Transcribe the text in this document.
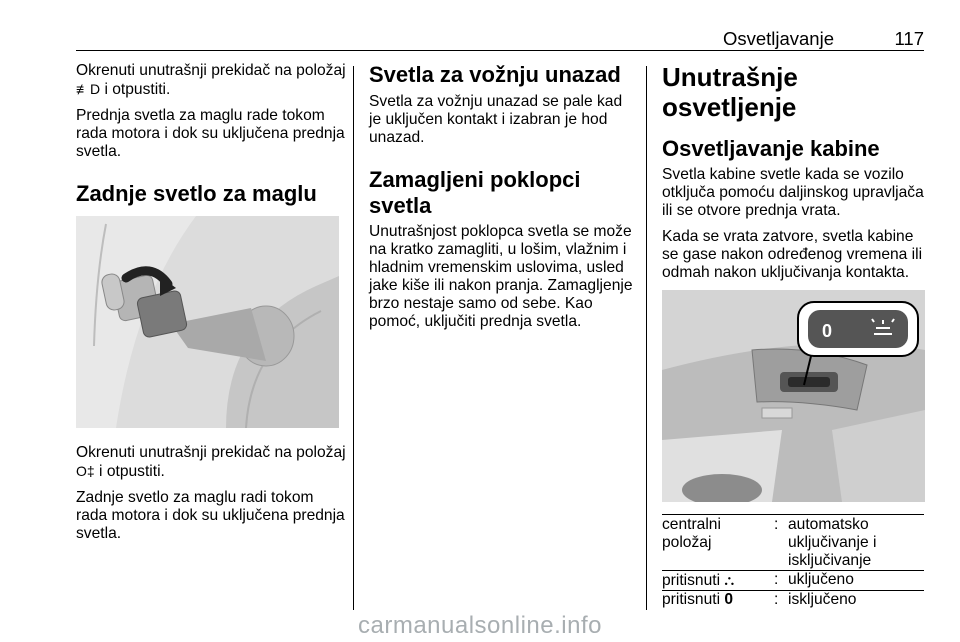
Osvetljavanje	117

Okrenuti unutrašnji prekidač na položaj ≢D i otpustiti.

Prednja svetla za maglu rade tokom rada motora i dok su uključena prednja svetla.

Zadnje svetlo za maglu

Okrenuti unutrašnji prekidač na položaj O‡ i otpustiti.

Zadnje svetlo za maglu radi tokom rada motora i dok su uključena prednja svetla.

Svetla za vožnju unazad

Svetla za vožnju unazad se pale kad je uključen kontakt i izabran je hod unazad.

Zamagljeni poklopci svetla

Unutrašnjost poklopca svetla se može na kratko zamagliti, u lošim, vlažnim i hladnim vremenskim uslovima, usled jake kiše ili nakon pranja. Zamagljenje brzo nestaje samo od sebe. Kao pomoć, uključiti prednja svetla.

Unutrašnje osvetljenje
Osvetljavanje kabine

Svetla kabine svetle kada se vozilo otključa pomoću daljinskog upravljača ili se otvore prednja vrata.

Kada se vrata zatvore, svetla kabine se gase nakon određenog vremena ili odmah nakon uključivanja kontakta.

0
centralni položaj	:	automatsko uključivanje i isključivanje
pritisnuti ⛬	:	uključeno
pritisnuti 0	:	isključeno
carmanualsonline.info
